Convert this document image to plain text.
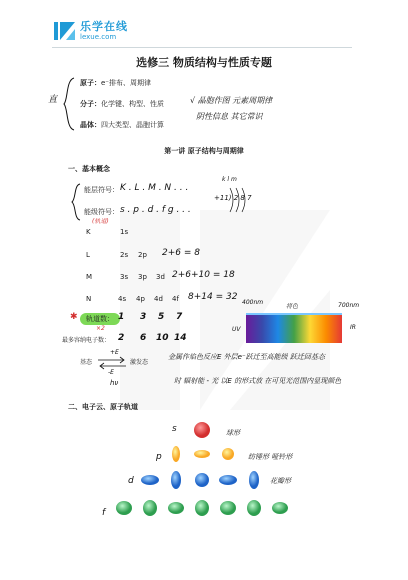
乐学在线
lexue.com
选修三 物质结构与性质专题
直
原子：e⁻排布、周期律
分子：化学键、构型、性质
晶体：四大类型、晶胞计算
√ 晶胞作图 元素周期律
阴性信息 其它常识
第一讲 原子结构与周期律
一、基本概念
能层符号： K . L . M . N . . .
能级符号： s . p . d . f g . . .
(轨道)
k l m
+11) 2 8 7
K	1s
L	2s 2p 2+6 = 8
M	3s 3p 3d 2+6+10 = 18
N	4s 4p 4d 4f 8+14 = 32
✱	轨道数： 1 3 5 7
×2
最多容纳电子数： 2 6 10 14
400nm
将色	700nm
UV	IR
基态
+E
激发态
-E
hν
金属作焰色反应E 外层e⁻跃迁至高能级 跃迁回基态
时 辐射能 - 光 以E 的形式放 在可见光范围内显现颜色
二、电子云、原子轨道
s
p
d
f
球形
纺锤形 哑铃形
花瓣形
